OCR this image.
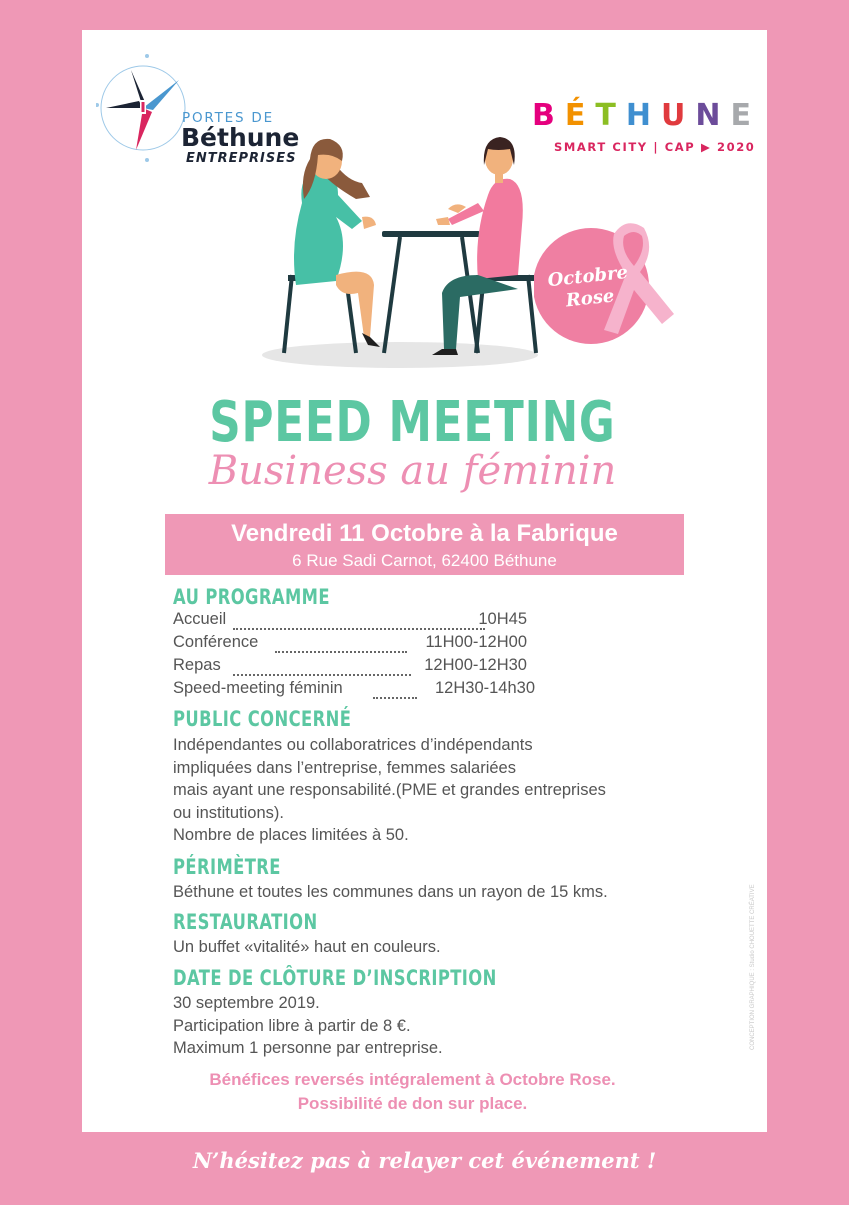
PORTES DE
Béthune
ENTREPRISES
BÉTHUNE
SMART CITY | CAP ▶ 2020
Octobre
Rose
SPEED MEETING
Business au féminin
Vendredi 11 Octobre à la Fabrique
6 Rue Sadi Carnot, 62400 Béthune
AU PROGRAMME
Accueil	10H45
Conférence	11H00-12H00
Repas	12H00-12H30
Speed-meeting féminin	12H30-14h30
PUBLIC CONCERNÉ
Indépendantes ou collaboratrices d’indépendants
impliquées dans l’entreprise, femmes salariées
mais ayant une responsabilité.(PME et grandes entreprises
ou institutions).
Nombre de places limitées à 50.
PÉRIMÈTRE
Béthune et toutes les communes dans un rayon de 15 kms.
RESTAURATION
Un buffet «vitalité» haut en couleurs.
DATE DE CLÔTURE D’INSCRIPTION
30 septembre 2019.
Participation libre à partir de 8 €.
Maximum 1 personne par entreprise.
Bénéfices reversés intégralement à Octobre Rose.
Possibilité de don sur place.
CONCEPTION GRAPHIQUE : Studio CHOUETTE CRÉATIVE
N’hésitez pas à relayer cet événement !
